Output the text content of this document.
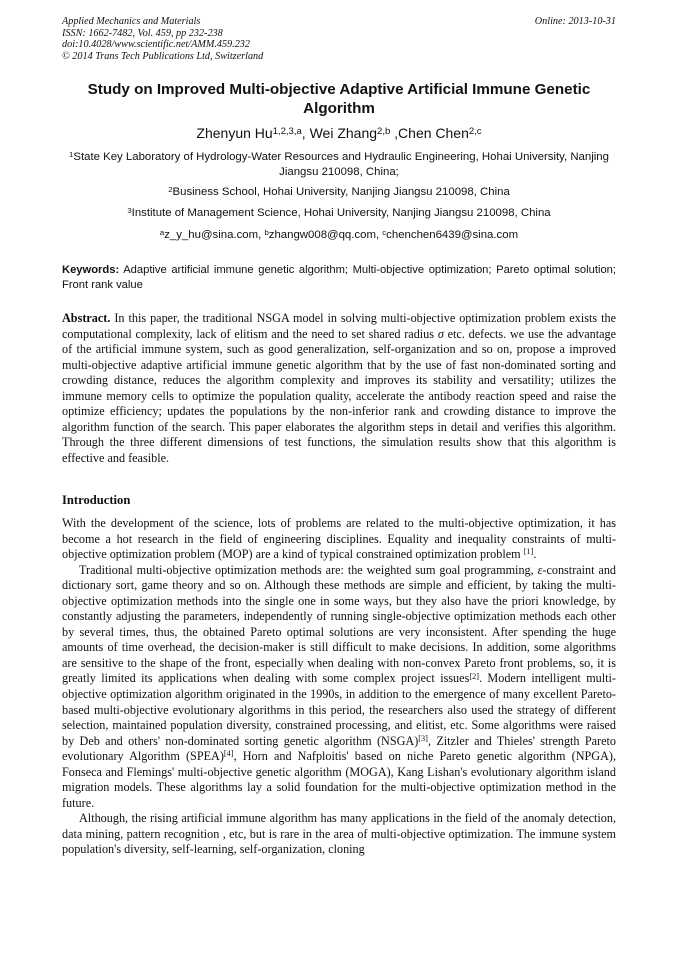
Applied Mechanics and Materials
ISSN: 1662-7482, Vol. 459, pp 232-238
doi:10.4028/www.scientific.net/AMM.459.232
© 2014 Trans Tech Publications Ltd, Switzerland
Online: 2013-10-31
Study on Improved Multi-objective Adaptive Artificial Immune Genetic Algorithm
Zhenyun Hu$^{1,2,3,a}$, Wei Zhang$^{2,b}$ ,Chen Chen$^{2,c}$
$^1$State Key Laboratory of Hydrology-Water Resources and Hydraulic Engineering, Hohai University, Nanjing Jiangsu 210098, China;
$^2$Business School, Hohai University, Nanjing Jiangsu 210098, China
$^3$Institute of Management Science, Hohai University, Nanjing Jiangsu 210098, China
$^a$z_y_hu@sina.com, $^b$zhangw008@qq.com, $^c$chenchen6439@sina.com
Keywords: Adaptive artificial immune genetic algorithm; Multi-objective optimization; Pareto optimal solution; Front rank value
Abstract. In this paper, the traditional NSGA model in solving multi-objective optimization problem exists the computational complexity, lack of elitism and the need to set shared radius σ etc. defects. we use the advantage of the artificial immune system, such as good generalization, self-organization and so on, propose a improved multi-objective adaptive artificial immune genetic algorithm that by the use of fast non-dominated sorting and crowding distance, reduces the algorithm complexity and improves its stability and versatility; utilizes the immune memory cells to optimize the population quality, accelerate the antibody reaction speed and raise the optimize efficiency; updates the populations by the non-inferior rank and crowding distance to improve the algorithm function of the search. This paper elaborates the algorithm steps in detail and verifies this algorithm. Through the three different dimensions of test functions, the simulation results show that this algorithm is effective and feasible.
Introduction

With the development of the science, lots of problems are related to the multi-objective optimization, it has become a hot research in the field of engineering disciplines. Equality and inequality constraints of multi-objective optimization problem (MOP) are a kind of typical constrained optimization problem [1].

Traditional multi-objective optimization methods are: the weighted sum goal programming, ε-constraint and dictionary sort, game theory and so on. Although these methods are simple and efficient, by taking the multi-objective optimization methods into the single one in some ways, but they also have the priori knowledge, by constantly adjusting the parameters, independently of running single-objective optimization methods each other by several times, thus, the obtained Pareto optimal solutions are very inconsistent. After spending the huge amounts of time overhead, the decision-maker is still difficult to make decisions. In addition, some algorithms are sensitive to the shape of the front, especially when dealing with non-convex Pareto front problems, so, it is greatly limited its applications when dealing with some complex project issues[2]. Modern intelligent multi-objective optimization algorithm originated in the 1990s, in addition to the emergence of many excellent Pareto-based multi-objective evolutionary algorithms in this period, the researchers also used the strategy of different selection, maintained population diversity, constrained processing, and elitist, etc. Some algorithms were raised by Deb and others' non-dominated sorting genetic algorithm (NSGA)[3], Zitzler and Thieles' strength Pareto evolutionary Algorithm (SPEA)[4], Horn and Nafploitis' based on niche Pareto genetic algorithm (NPGA), Fonseca and Flemings' multi-objective genetic algorithm (MOGA), Kang Lishan's evolutionary algorithm island migration models. These algorithms lay a solid foundation for the multi-objective optimization method in the future.

Although, the rising artificial immune algorithm has many applications in the field of the anomaly detection, data mining, pattern recognition , etc, but is rare in the area of multi-objective optimization. The immune system population's diversity, self-learning, self-organization, cloning
